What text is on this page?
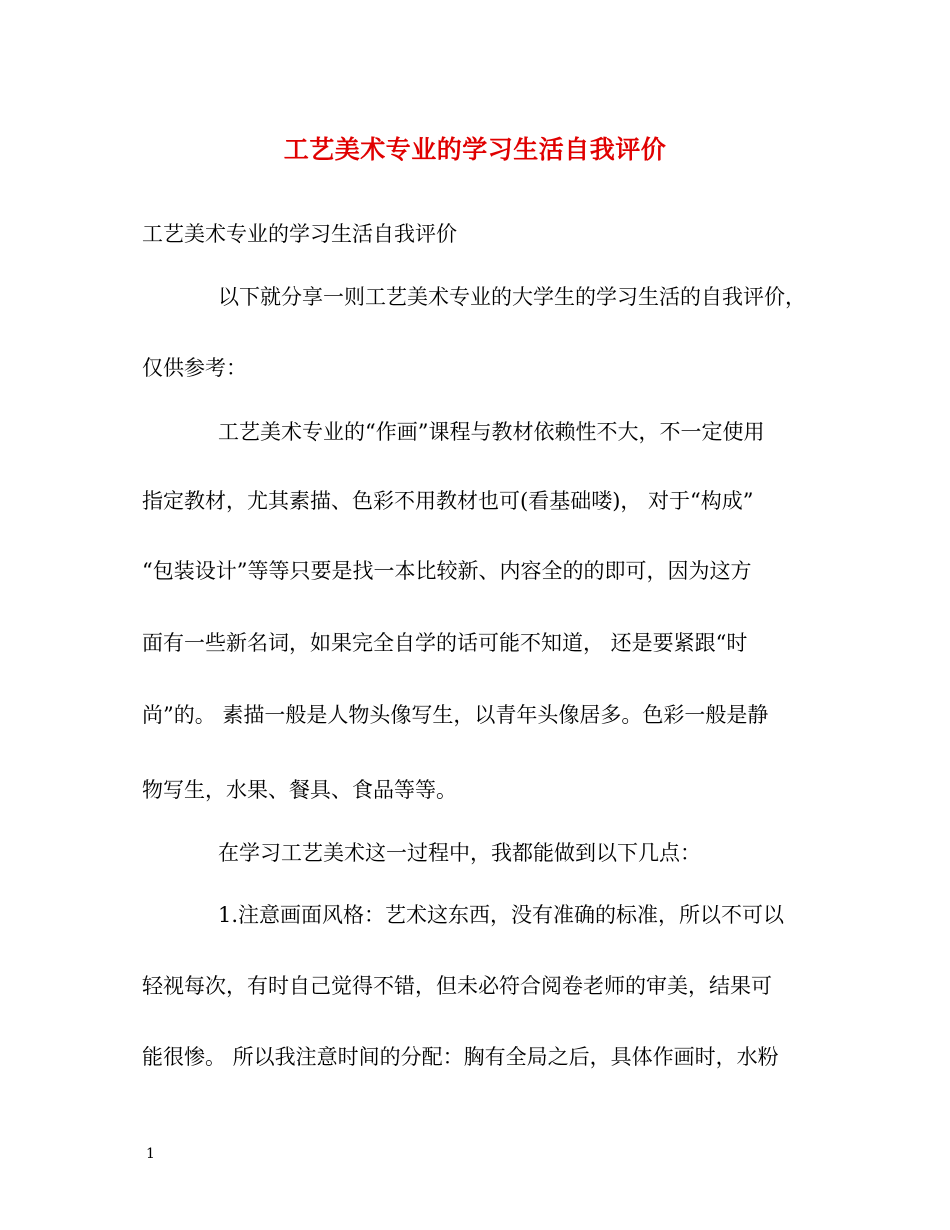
工艺美术专业的学习生活自我评价
工艺美术专业的学习生活自我评价
以下就分享一则工艺美术专业的大学生的学习生活的自我评价，
仅供参考：
工艺美术专业的“作画”课程与教材依赖性不大，不一定使用
指定教材，尤其素描、色彩不用教材也可(看基础喽)， 对于“构成”
“包装设计”等等只要是找一本比较新、内容全的的即可，因为这方
面有一些新名词，如果完全自学的话可能不知道， 还是要紧跟“时
尚”的。 素描一般是人物头像写生，以青年头像居多。色彩一般是静
物写生，水果、餐具、食品等等。
在学习工艺美术这一过程中，我都能做到以下几点：
1.注意画面风格：艺术这东西，没有准确的标准，所以不可以
轻视每次，有时自己觉得不错，但未必符合阅卷老师的审美，结果可
能很惨。 所以我注意时间的分配：胸有全局之后，具体作画时，水粉
1
